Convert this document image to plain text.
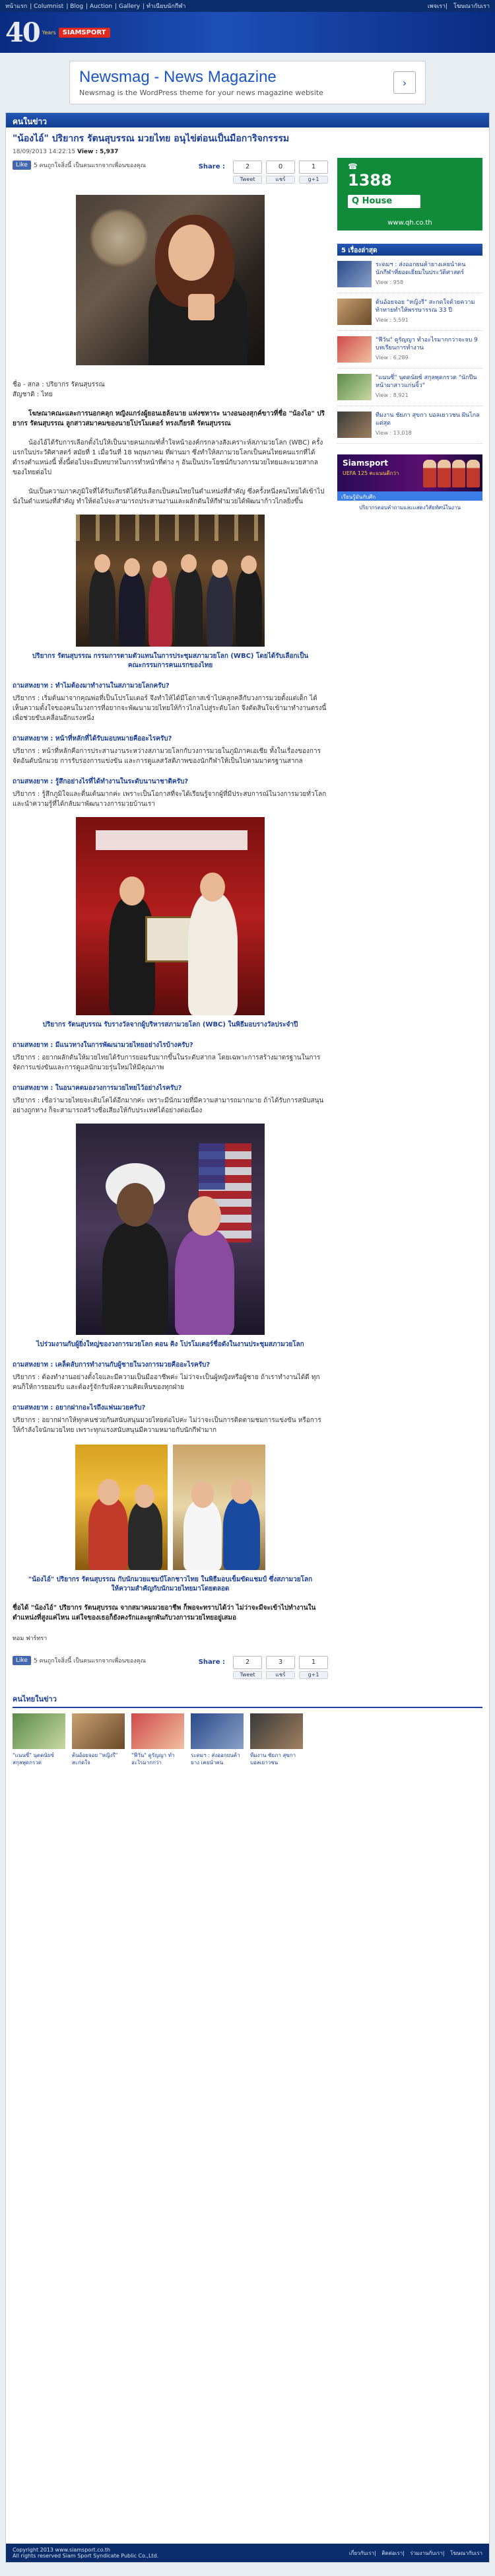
หน้าแรก | Columnist | Blog | Auction | Gallery | ทำเนียบนักกีฬา	เพจเรา| โฆษณากับเรา
40 Years	SIAMSPORT
Newsmag - News Magazine
Newsmag is the WordPress theme for your news magazine website
›
คนในข่าว
"น้องไอ์" ปริยากร รัตนสุบรรณ มวยไทย อนุไข่ต่อนเป็นมือการิจกรรรม
18/09/2013 14:22:15 View : 5,937
Like	5 คนถูกใจสิ่งนี้ เป็นคนแรกจากเพื่อนของคุณ	Share :	2
Tweet
0
แชร์
1
g+1
ชื่อ - สกล : ปริยากร รัตนสุบรรณ
สัญชาติ : ไทย
โฆษณาคณะและการนอกคลุก หญิงแกร่งผู้ยอนเฮล้อนาย แห่งชหาระ นางอนองสุกค์ขาวที่ชื่อ "น้องไอ" ปริยากร รัตนสุบรรณ ลูกสาวสมาคมของนายโปรโมเตอร์ ทรงเกียรติ รัตนสุบรรณ
น้องไอ้ได้รับการเลือกตั้งไปให้เป็นนายคนเกณฑ์ล้ำใจหน้าองค์กรกลางสังเคราะห์สภามวยโลก (WBC) ครั้งแรกในประวัติศาสตร์ สมัยที่ 1 เมื่อวันที่ 18 พฤษภาคม ที่ผ่านมา ซึ่งทำให้สภามวยโลกเป็นคนไทยคนแรกที่ได้ดำรงตำแหน่งนี้ ทั้งนี้ต่อไปจะมีบทบาทในการทำหน้าที่ต่าง ๆ อันเป็นประโยชน์กับวงการมวยไทยและมวยสากลของไทยต่อไป
นับเป็นความภาคภูมิใจที่ได้รับเกียรติได้รับเลือกเป็นคนไทยในตำแหน่งที่สำคัญ ซึ่งครั้งหนึ่งคนไทยได้เข้าไปนั่งในตำแหน่งที่สำคัญ ทำให้ต่อไปจะสามารถประสานงานและผลักดันให้กีฬามวยได้พัฒนาก้าวไกลยิ่งขึ้น
ปริยากร รัตนสุบรรณ กรรมการตามตัวแทนในการประชุมสภามวยโลก (WBC) โดยได้รับเลือกเป็นคณะกรรมการคนแรกของไทย
ถามสหงยาท : ทำไมต้องมาทำงานในสภามวยโลกครับ?
ปริยากร : เริ่มต้นมาจากคุณพ่อที่เป็นโปรโมเตอร์ จึงทำให้ได้มีโอกาสเข้าไปคลุกคลีกับวงการมวยตั้งแต่เด็ก ได้เห็นความตั้งใจของคนในวงการที่อยากจะพัฒนามวยไทยให้ก้าวไกลไปสู่ระดับโลก จึงตัดสินใจเข้ามาทำงานตรงนี้เพื่อช่วยขับเคลื่อนอีกแรงหนึ่ง
ถามสหงยาท : หน้าที่หลักที่ได้รับมอบหมายคืออะไรครับ?
ปริยากร : หน้าที่หลักคือการประสานงานระหว่างสภามวยโลกกับวงการมวยในภูมิภาคเอเชีย ทั้งในเรื่องของการจัดอันดับนักมวย การรับรองการแข่งขัน และการดูแลสวัสดิภาพของนักกีฬาให้เป็นไปตามมาตรฐานสากล
ถามสหงยาท : รู้สึกอย่างไรที่ได้ทำงานในระดับนานาชาติครับ?
ปริยากร : รู้สึกภูมิใจและตื่นเต้นมากค่ะ เพราะเป็นโอกาสที่จะได้เรียนรู้จากผู้ที่มีประสบการณ์ในวงการมวยทั่วโลก และนำความรู้ที่ได้กลับมาพัฒนาวงการมวยบ้านเรา
ปริยากร รัตนสุบรรณ รับรางวัลจากผู้บริหารสภามวยโลก (WBC) ในพิธีมอบรางวัลประจำปี
ถามสหงยาท : มีแนวทางในการพัฒนามวยไทยอย่างไรบ้างครับ?
ปริยากร : อยากผลักดันให้มวยไทยได้รับการยอมรับมากขึ้นในระดับสากล โดยเฉพาะการสร้างมาตรฐานในการจัดการแข่งขันและการดูแลนักมวยรุ่นใหม่ให้มีคุณภาพ
ถามสหงยาท : ในอนาคตมองวงการมวยไทยไว้อย่างไรครับ?
ปริยากร : เชื่อว่ามวยไทยจะเติบโตได้อีกมากค่ะ เพราะมีนักมวยที่มีความสามารถมากมาย ถ้าได้รับการสนับสนุนอย่างถูกทาง ก็จะสามารถสร้างชื่อเสียงให้กับประเทศได้อย่างต่อเนื่อง
ไปร่วมงานกับผู้ยิ่งใหญ่ของวงการมวยโลก ดอน คิง โปรโมเตอร์ชื่อดังในงานประชุมสภามวยโลก
ถามสหงยาท : เคล็ดลับการทำงานกับผู้ชายในวงการมวยคืออะไรครับ?
ปริยากร : ต้องทำงานอย่างตั้งใจและมีความเป็นมืออาชีพค่ะ ไม่ว่าจะเป็นผู้หญิงหรือผู้ชาย ถ้าเราทำงานได้ดี ทุกคนก็ให้การยอมรับ และต้องรู้จักรับฟังความคิดเห็นของทุกฝ่าย
ถามสหงยาท : อยากฝากอะไรถึงแฟนมวยครับ?
ปริยากร : อยากฝากให้ทุกคนช่วยกันสนับสนุนมวยไทยต่อไปค่ะ ไม่ว่าจะเป็นการติดตามชมการแข่งขัน หรือการให้กำลังใจนักมวยไทย เพราะทุกแรงสนับสนุนมีความหมายกับนักกีฬามาก
"น้องไอ์" ปริยากร รัตนสุบรรณ กับนักมวยแชมป์โลกชาวไทย ในพิธีมอบเข็มขัดแชมป์ ซึ่งสภามวยโลกให้ความสำคัญกับนักมวยไทยมาโดยตลอด
ชื่อได้ "น้องไอ์" ปริยากร รัตนสุบรรณ จากสมาคมมวยอาชีพ ก็พอจะทราบได้ว่า ไม่ว่าจะมีจะเข้าไปทำงานในตำแหน่งที่สูงแค่ไหน แต่ใจของเธอก็ยังคงรักและผูกพันกับวงการมวยไทยอยู่เสมอ
ทอม ฟาร์ทรา
Like	5 คนถูกใจสิ่งนี้ เป็นคนแรกจากเพื่อนของคุณ	Share :	2
Tweet
3
แชร์
1
g+1
☎
1388
Q House
www.qh.co.th
5 เรื่องล่าสุด
ระดมฯ : ส่งออกยนค้ายางเคยนำคน นักกีฬาที่ยอดเยี่ยมในประวัติศาสตร์
View : 958
ต้นอ้อยจอย "หญิงรี" สะกดใจด้วยความท้าทายทำให้พรรษารรณ 33 ปี
View : 5,591
"ฟีวัน" ดูรัญญา ทำอะไรมากกว่าจะจบ 9 บทเรียนการทำงาน
View : 6,289
"แนนซี่" นุตดนัยซ์ สกุลพุดกรวด "นักปีนหน้าผาสาวแก่นจิ้ว"
View : 8,921
ทีมงาน ชัยภา สุขกา บอลเยาวชน ฝันไกลแต่สุด
View : 13,018
Siamsport
UEFA 125 คะแนนดีกว่า
เรียนรู้มันกับศึก
ปริยากรตอบคำถามและแสดงวิสัยทัศน์ในงาน
คนไทยในข่าว
"แนนซี่" นุตดนัยซ์ สกุลพุดกรวด
ต้นอ้อยจอย "หญิงรี" สะกดใจ
"ฟีวัน" ดูรัญญา ทำอะไรมากกว่า
ระดมฯ : ส่งออกยนค้ายาง เคยนำคน
ทีมงาน ชัยภา สุขกา บอลเยาวชน
Copyright 2013 www.siamsport.co.th
All rights reserved Siam Sport Syndicate Public Co.,Ltd.	เกี่ยวกับเรา| ติดต่อเรา| ร่วมงานกับเรา| โฆษณากับเรา
